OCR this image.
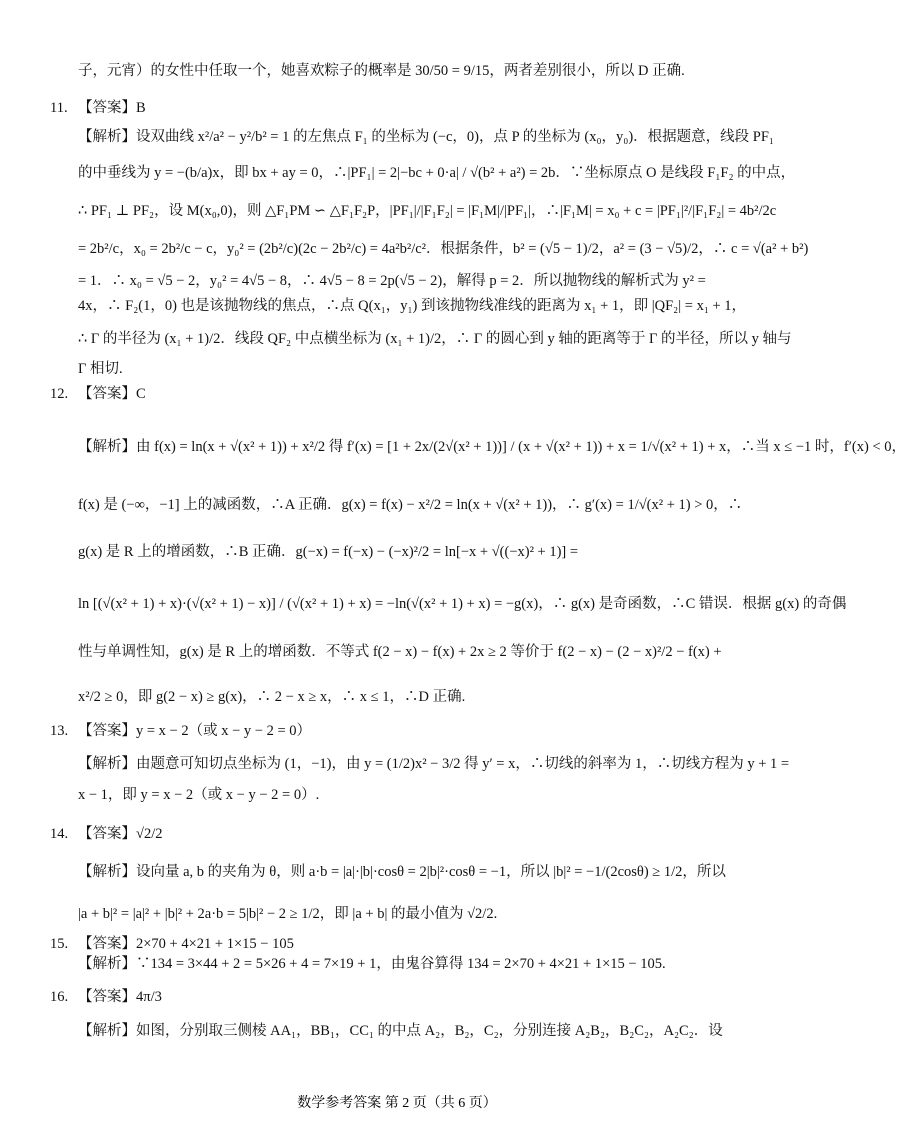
子，元宵）的女性中任取一个，她喜欢粽子的概率是 30/50 = 9/15，两者差别很小，所以 D 正确.
11. 【答案】B
【解析】设双曲线 x²/a² − y²/b² = 1 的左焦点 F₁ 的坐标为 (−c，0)，点 P 的坐标为 (x₀，y₀)．根据题意，线段 PF₁
的中垂线为 y = −(b/a)x，即 bx + ay = 0，∴|PF₁| = 2|−bc + 0·a| / √(b² + a²) = 2b．∵坐标原点 O 是线段 F₁F₂ 的中点，
∴ PF₁ ⊥ PF₂，设 M(x₀,0)，则 △F₁PM ∽ △F₁F₂P，|PF₁|/|F₁F₂| = |F₁M|/|PF₁|，∴|F₁M| = x₀ + c = |PF₁|²/|F₁F₂| = 4b²/2c
= 2b²/c，x₀ = 2b²/c − c，y₀² = (2b²/c)(2c − 2b²/c) = 4a²b²/c²．根据条件，b² = (√5 − 1)/2，a² = (3 − √5)/2，∴ c = √(a² + b²)
= 1．∴ x₀ = √5 − 2，y₀² = 4√5 − 8，∴ 4√5 − 8 = 2p(√5 − 2)，解得 p = 2．所以抛物线的解析式为 y² =
4x，∴ F₂(1，0) 也是该抛物线的焦点，∴点 Q(x₁，y₁) 到该抛物线准线的距离为 x₁ + 1，即 |QF₂| = x₁ + 1，
∴ Γ 的半径为 (x₁ + 1)/2．线段 QF₂ 中点横坐标为 (x₁ + 1)/2，∴ Γ 的圆心到 y 轴的距离等于 Γ 的半径，所以 y 轴与
Γ 相切.
12. 【答案】C
【解析】由 f(x) = ln(x + √(x² + 1)) + x²/2 得 f′(x) = [1 + 2x/(2√(x² + 1))] / (x + √(x² + 1)) + x = 1/√(x² + 1) + x，∴当 x ≤ −1 时，f′(x) < 0，
f(x) 是 (−∞，−1] 上的减函数，∴A 正确．g(x) = f(x) − x²/2 = ln(x + √(x² + 1))，∴ g′(x) = 1/√(x² + 1) > 0，∴
g(x) 是 R 上的增函数，∴B 正确．g(−x) = f(−x) − (−x)²/2 = ln[−x + √((−x)² + 1)] =
ln [(√(x² + 1) + x)·(√(x² + 1) − x)] / (√(x² + 1) + x) = −ln(√(x² + 1) + x) = −g(x)，∴ g(x) 是奇函数，∴C 错误．根据 g(x) 的奇偶
性与单调性知，g(x) 是 R 上的增函数．不等式 f(2 − x) − f(x) + 2x ≥ 2 等价于 f(2 − x) − (2 − x)²/2 − f(x) +
x²/2 ≥ 0，即 g(2 − x) ≥ g(x)，∴ 2 − x ≥ x，∴ x ≤ 1，∴D 正确.
13. 【答案】y = x − 2（或 x − y − 2 = 0）
【解析】由题意可知切点坐标为 (1，−1)，由 y = (1/2)x² − 3/2 得 y′ = x，∴切线的斜率为 1，∴切线方程为 y + 1 =
x − 1，即 y = x − 2（或 x − y − 2 = 0）.
14. 【答案】√2/2
【解析】设向量 a, b 的夹角为 θ，则 a·b = |a|·|b|·cosθ = 2|b|²·cosθ = −1，所以 |b|² = −1/(2cosθ) ≥ 1/2，所以
|a + b|² = |a|² + |b|² + 2a·b = 5|b|² − 2 ≥ 1/2，即 |a + b| 的最小值为 √2/2.
15. 【答案】2×70 + 4×21 + 1×15 − 105
【解析】∵134 = 3×44 + 2 = 5×26 + 4 = 7×19 + 1，由鬼谷算得 134 = 2×70 + 4×21 + 1×15 − 105.
16. 【答案】4π/3
【解析】如图，分别取三侧棱 AA₁，BB₁，CC₁ 的中点 A₂，B₂，C₂，分别连接 A₂B₂，B₂C₂，A₂C₂．设
数学参考答案 第 2 页（共 6 页）
